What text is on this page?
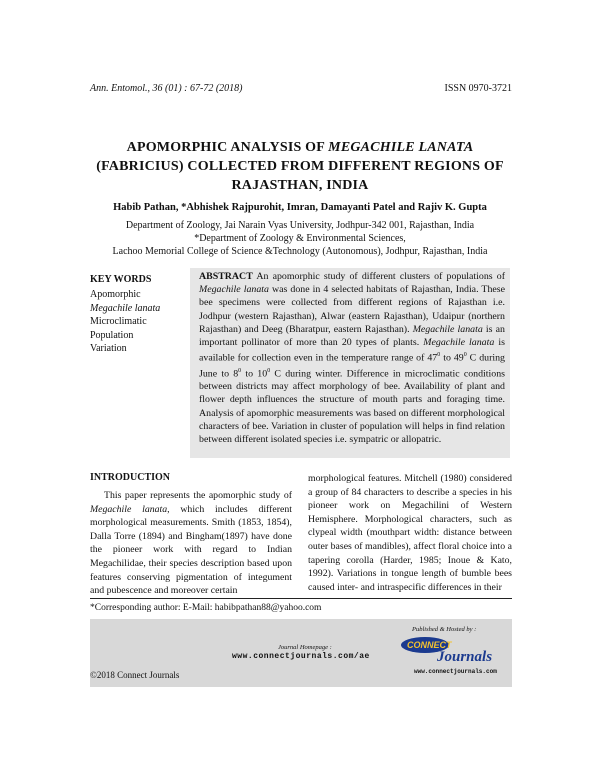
Ann. Entomol., 36 (01) : 67-72 (2018)	ISSN 0970-3721
APOMORPHIC ANALYSIS OF MEGACHILE LANATA
(FABRICIUS) COLLECTED FROM DIFFERENT REGIONS OF
RAJASTHAN, INDIA
Habib Pathan, *Abhishek Rajpurohit, Imran, Damayanti Patel and Rajiv K. Gupta
Department of Zoology, Jai Narain Vyas University, Jodhpur-342 001, Rajasthan, India
*Department of Zoology & Environmental Sciences,
Lachoo Memorial College of Science &Technology (Autonomous), Jodhpur, Rajasthan, India
KEY WORDS
Apomorphic
Megachile lanata
Microclimatic
Population
Variation
ABSTRACT An apomorphic study of different clusters of populations of Megachile lanata was done in 4 selected habitats of Rajasthan, India. These bee specimens were collected from different regions of Rajasthan i.e. Jodhpur (western Rajasthan), Alwar (eastern Rajasthan), Udaipur (northern Rajasthan) and Deeg (Bharatpur, eastern Rajasthan). Megachile lanata is an important pollinator of more than 20 types of plants. Megachile lanata is available for collection even in the temperature range of $47^0$ to $49^0$ C during June to $8^0$ to $10^0$ C during winter. Difference in microclimatic conditions between districts may affect morphology of bee. Availability of plant and flower depth influences the structure of mouth parts and foraging time. Analysis of apomorphic measurements was based on different morphological characters of bee. Variation in cluster of population will helps in find relation between different isolated species i.e. sympatric or allopatric.
INTRODUCTION
This paper represents the apomorphic study of Megachile lanata, which includes different morphological measurements. Smith (1853, 1854), Dalla Torre (1894) and Bingham(1897) have done the pioneer work with regard to Indian Megachilidae, their species description based upon features conserving pigmentation of integument and pubescence and moreover certain
morphological features. Mitchell (1980) considered a group of 84 characters to describe a species in his pioneer work on Megachilini of Western Hemisphere. Morphological characters, such as clypeal width (mouthpart width: distance between outer bases of mandibles), affect floral choice into a tapering corolla (Harder, 1985; Inoue & Kato, 1992). Variations in tongue length of bumble bees caused inter- and intraspecific differences in their
*Corresponding author: E-Mail: habibpathan88@yahoo.com
Published & Hosted by :
Journal Homepage :
www.connectjournals.com/ae
CONNECT
Journals
www.connectjournals.com
©2018 Connect Journals
